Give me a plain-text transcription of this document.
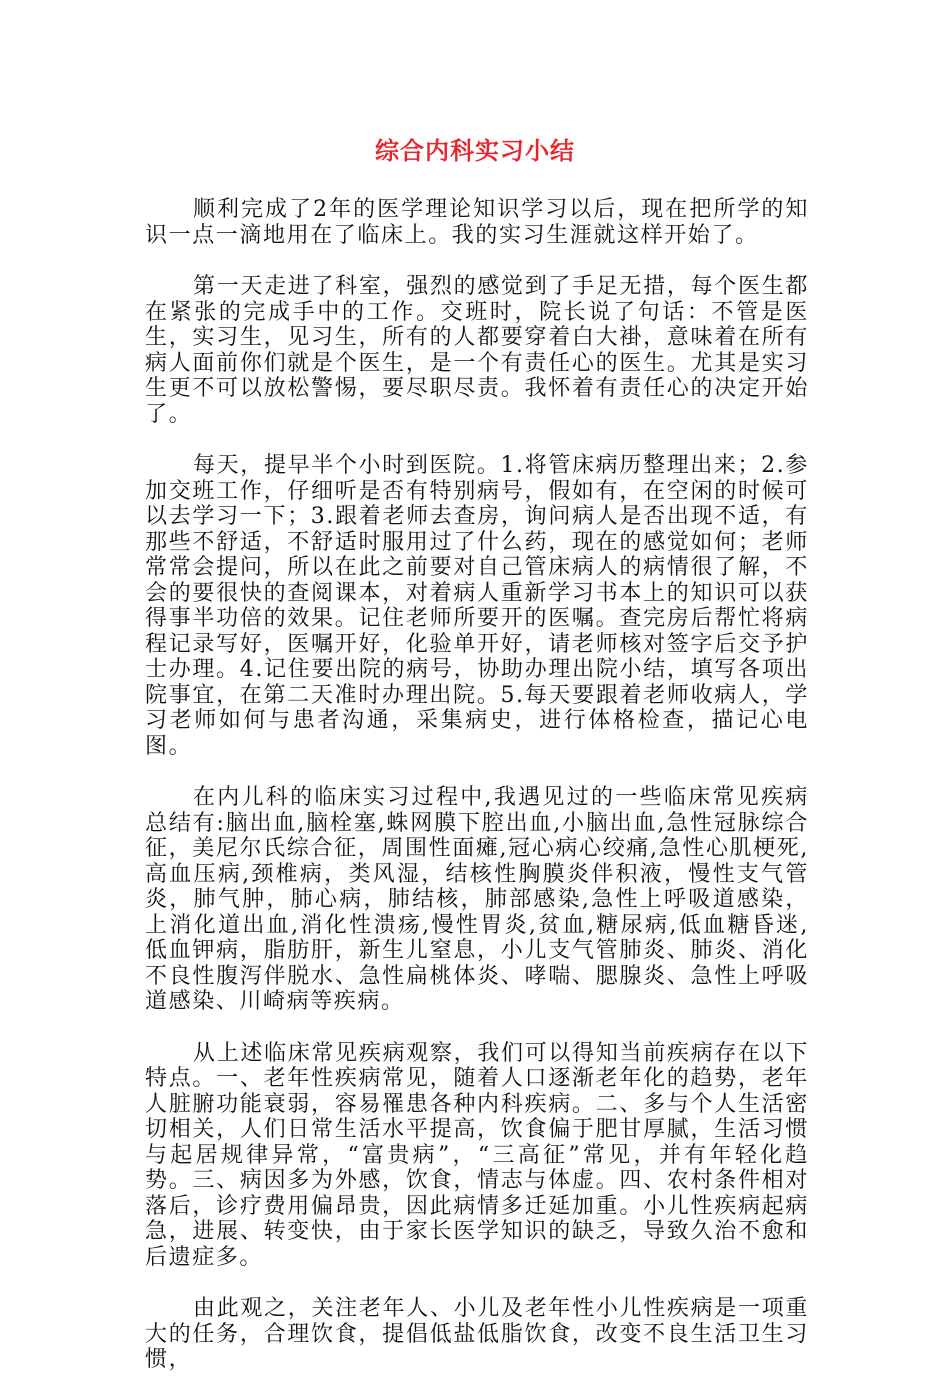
综合内科实习小结

顺利完成了2年的医学理论知识学习以后，现在把所学的知识一点一滴地用在了临床上。我的实习生涯就这样开始了。

第一天走进了科室，强烈的感觉到了手足无措，每个医生都在紧张的完成手中的工作。交班时，院长说了句话：不管是医生，实习生，见习生，所有的人都要穿着白大褂，意味着在所有病人面前你们就是个医生，是一个有责任心的医生。尤其是实习生更不可以放松警惕，要尽职尽责。我怀着有责任心的决定开始了。

每天，提早半个小时到医院。1.将管床病历整理出来；2.参加交班工作，仔细听是否有特别病号，假如有，在空闲的时候可以去学习一下；3.跟着老师去查房，询问病人是否出现不适，有那些不舒适，不舒适时服用过了什么药，现在的感觉如何；老师常常会提问，所以在此之前要对自己管床病人的病情很了解，不会的要很快的查阅课本，对着病人重新学习书本上的知识可以获得事半功倍的效果。记住老师所要开的医嘱。查完房后帮忙将病程记录写好，医嘱开好，化验单开好，请老师核对签字后交予护士办理。4.记住要出院的病号，协助办理出院小结，填写各项出院事宜，在第二天准时办理出院。5.每天要跟着老师收病人，学习老师如何与患者沟通，采集病史，进行体格检查，描记心电图。

在内儿科的临床实习过程中,我遇见过的一些临床常见疾病总结有:脑出血,脑栓塞,蛛网膜下腔出血,小脑出血,急性冠脉综合征，美尼尔氏综合征，周围性面瘫,冠心病心绞痛,急性心肌梗死,高血压病,颈椎病，类风湿，结核性胸膜炎伴积液，慢性支气管炎，肺气肿，肺心病，肺结核，肺部感染,急性上呼吸道感染，上消化道出血,消化性溃疡,慢性胃炎,贫血,糖尿病,低血糖昏迷,低血钾病，脂肪肝，新生儿窒息，小儿支气管肺炎、肺炎、消化不良性腹泻伴脱水、急性扁桃体炎、哮喘、腮腺炎、急性上呼吸道感染、川崎病等疾病。

从上述临床常见疾病观察，我们可以得知当前疾病存在以下特点。一、老年性疾病常见，随着人口逐渐老年化的趋势，老年人脏腑功能衰弱，容易罹患各种内科疾病。二、多与个人生活密切相关，人们日常生活水平提高，饮食偏于肥甘厚腻，生活习惯与起居规律异常，“富贵病”，“三高征”常见，并有年轻化趋势。三、病因多为外感，饮食，情志与体虚。四、农村条件相对落后，诊疗费用偏昂贵，因此病情多迁延加重。小儿性疾病起病急，进展、转变快，由于家长医学知识的缺乏，导致久治不愈和后遗症多。

由此观之，关注老年人、小儿及老年性小儿性疾病是一项重大的任务，合理饮食，提倡低盐低脂饮食，改变不良生活卫生习惯，
